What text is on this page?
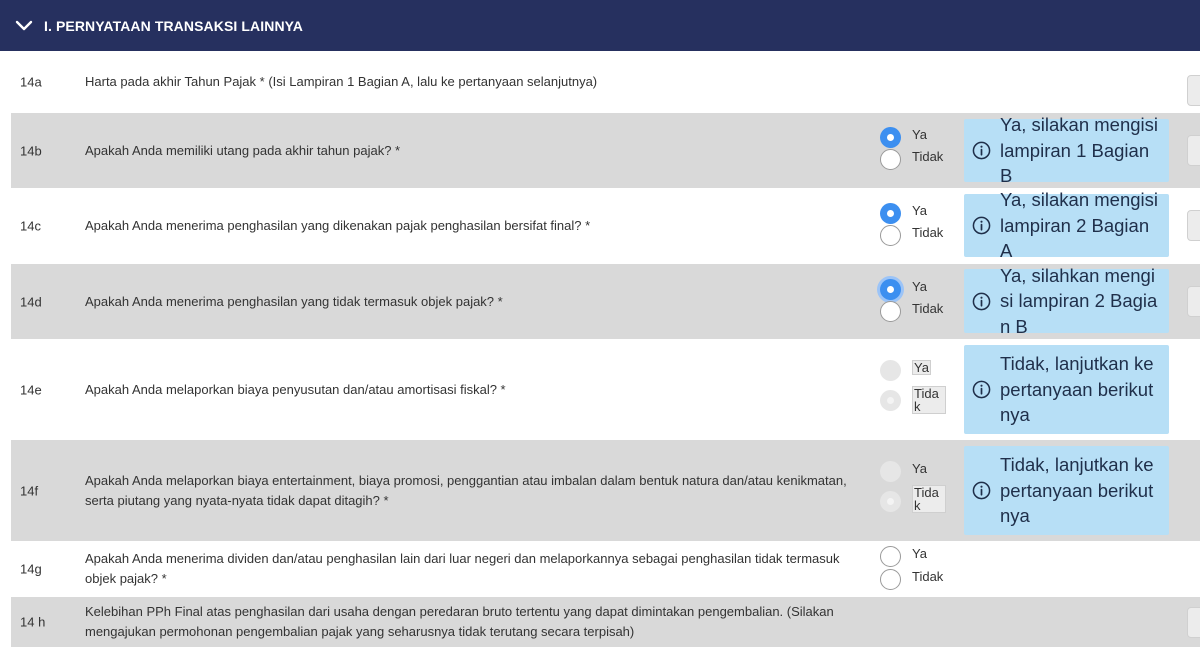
I. PERNYATAAN TRANSAKSI LAINNYA
14a	Harta pada akhir Tahun Pajak * (Isi Lampiran 1 Bagian A, lalu ke pertanyaan selanjutnya)
14b	Apakah Anda memiliki utang pada akhir tahun pajak? *
Ya
Tidak
Ya, silakan mengisi lampiran 1 Bagian B
14c	Apakah Anda menerima penghasilan yang dikenakan pajak penghasilan bersifat final? *
Ya
Tidak
Ya, silakan mengisi lampiran 2 Bagian A
14d	Apakah Anda menerima penghasilan yang tidak termasuk objek pajak? *
Ya
Tidak
Ya, silahkan mengisi lampiran 2 Bagian B
14e	Apakah Anda melaporkan biaya penyusutan dan/atau amortisasi fiskal? *
Ya
Tidak
Tidak, lanjutkan ke pertanyaan berikutnya
14f
Apakah Anda melaporkan biaya entertainment, biaya promosi, penggantian atau imbalan dalam bentuk natura dan/atau kenikmatan, serta piutang yang nyata-nyata tidak dapat ditagih? *
Ya
Tidak
Tidak, lanjutkan ke pertanyaan berikutnya
14g
Apakah Anda menerima dividen dan/atau penghasilan lain dari luar negeri dan melaporkannya sebagai penghasilan tidak termasuk objek pajak? *
Ya
Tidak
14 h
Kelebihan PPh Final atas penghasilan dari usaha dengan peredaran bruto tertentu yang dapat dimintakan pengembalian. (Silakan mengajukan permohonan pengembalian pajak yang seharusnya tidak terutang secara terpisah)
